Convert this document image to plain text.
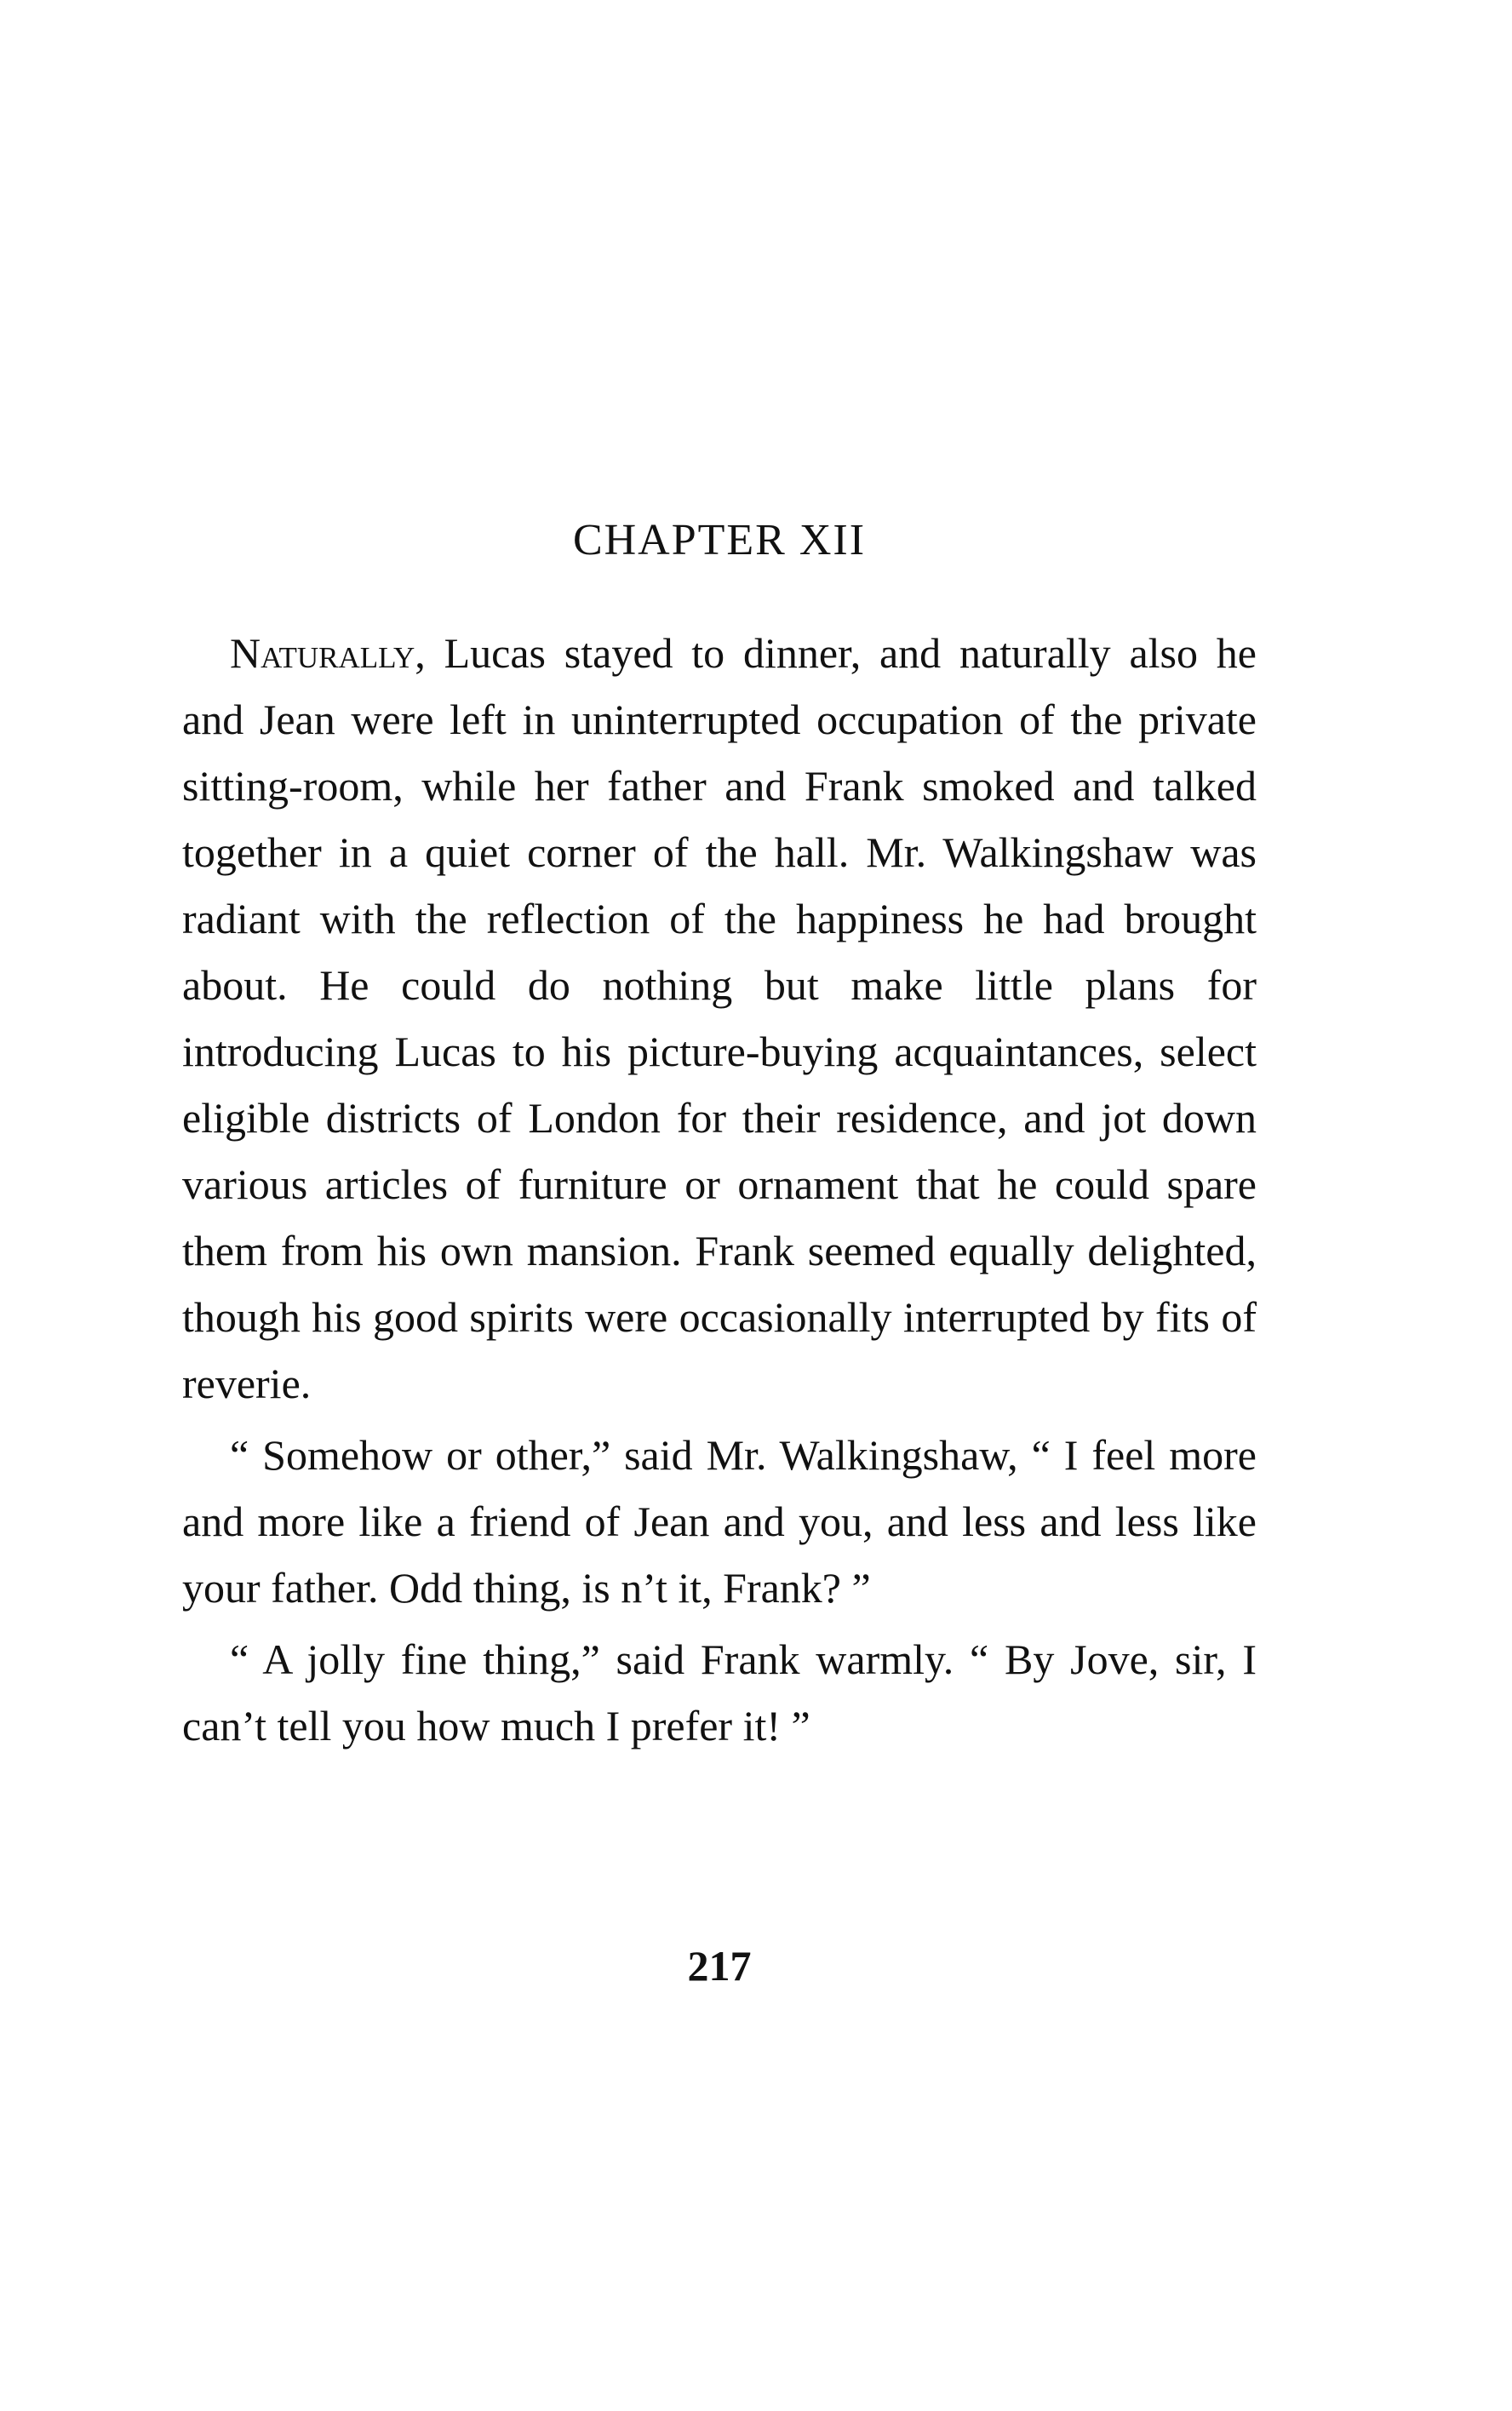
CHAPTER XII

Naturally, Lucas stayed to dinner, and naturally also he and Jean were left in uninterrupted occupation of the private sitting-room, while her father and Frank smoked and talked together in a quiet corner of the hall. Mr. Walkingshaw was radiant with the reflection of the happiness he had brought about. He could do nothing but make little plans for introducing Lucas to his picture-buying acquaintances, select eligible districts of London for their residence, and jot down various articles of furniture or ornament that he could spare them from his own mansion. Frank seemed equally delighted, though his good spirits were occasionally interrupted by fits of reverie.

“ Somehow or other,” said Mr. Walkingshaw, “ I feel more and more like a friend of Jean and you, and less and less like your father. Odd thing, is n’t it, Frank? ”

“ A jolly fine thing,” said Frank warmly. “ By Jove, sir, I can’t tell you how much I prefer it! ”

217
